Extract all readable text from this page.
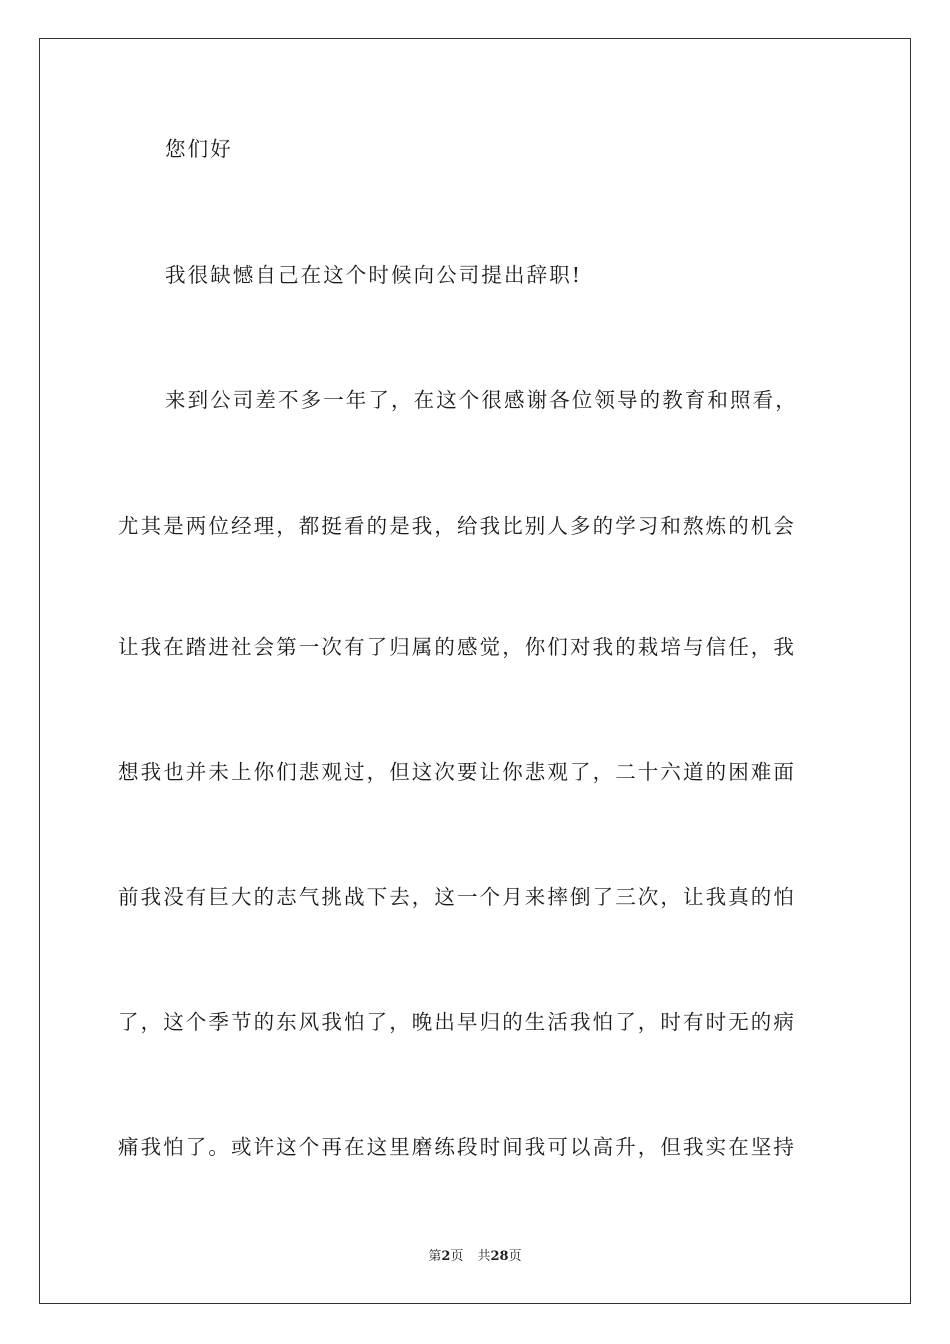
您们好
我很缺憾自己在这个时候向公司提出辞职!
来到公司差不多一年了，在这个很感谢各位领导的教育和照看，
尤其是两位经理，都挺看的是我，给我比别人多的学习和熬炼的机会
让我在踏进社会第一次有了归属的感觉，你们对我的栽培与信任，我
想我也并未上你们悲观过，但这次要让你悲观了，二十六道的困难面
前我没有巨大的志气挑战下去，这一个月来摔倒了三次，让我真的怕
了，这个季节的东风我怕了，晚出早归的生活我怕了，时有时无的病
痛我怕了。或许这个再在这里磨练段时间我可以高升，但我实在坚持
第2页 共28页
